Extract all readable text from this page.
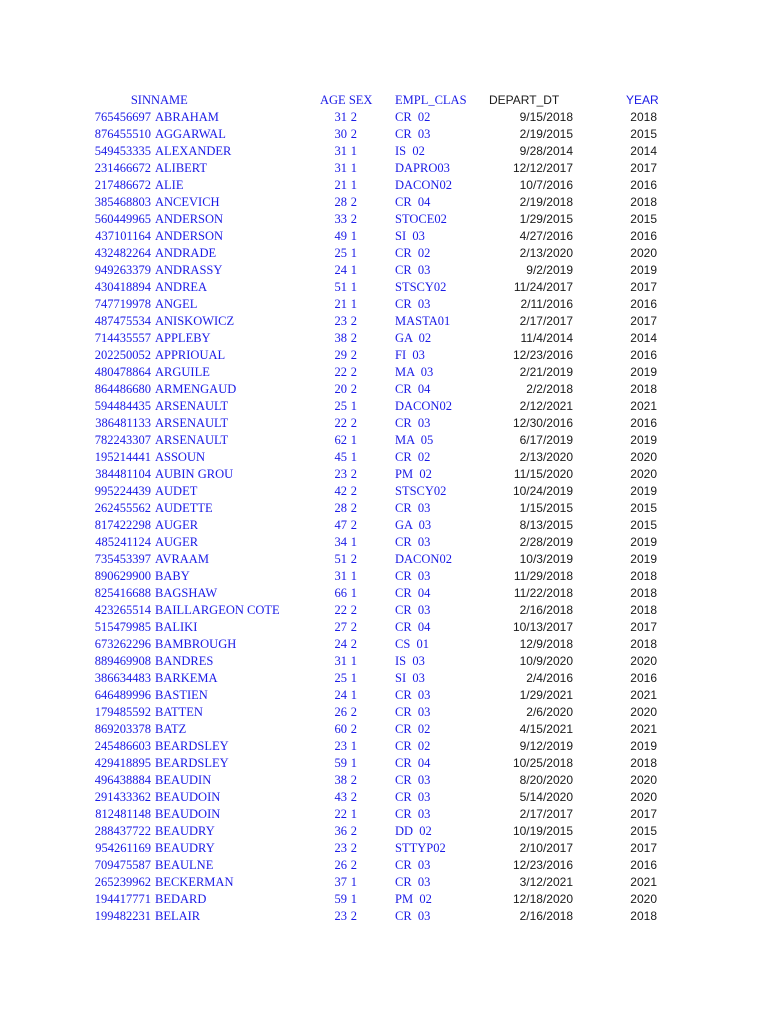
SIN NAME	AGE SEX EMPL_CLAS DEPART_DT	YEAR
765456697 ABRAHAM	31 2	CR  02	9/15/2018	2018
876455510 AGGARWAL	30 2	CR  03	2/19/2015	2015
549453335 ALEXANDER	31 1	IS  02	9/28/2014	2014
231466672 ALIBERT	31 1	DAPRO03	12/12/2017	2017
217486672 ALIE	21 1	DACON02	10/7/2016	2016
385468803 ANCEVICH	28 2	CR  04	2/19/2018	2018
560449965 ANDERSON	33 2	STOCE02	1/29/2015	2015
437101164 ANDERSON	49 1	SI  03	4/27/2016	2016
432482264 ANDRADE	25 1	CR  02	2/13/2020	2020
949263379 ANDRASSY	24 1	CR  03	9/2/2019	2019
430418894 ANDREA	51 1	STSCY02	11/24/2017	2017
747719978 ANGEL	21 1	CR  03	2/11/2016	2016
487475534 ANISKOWICZ	23 2	MASTA01	2/17/2017	2017
714435557 APPLEBY	38 2	GA  02	11/4/2014	2014
202250052 APPRIOUAL	29 2	FI  03	12/23/2016	2016
480478864 ARGUILE	22 2	MA  03	2/21/2019	2019
864486680 ARMENGAUD	20 2	CR  04	2/2/2018	2018
594484435 ARSENAULT	25 1	DACON02	2/12/2021	2021
386481133 ARSENAULT	22 2	CR  03	12/30/2016	2016
782243307 ARSENAULT	62 1	MA  05	6/17/2019	2019
195214441 ASSOUN	45 1	CR  02	2/13/2020	2020
384481104 AUBIN GROU	23 2	PM  02	11/15/2020	2020
995224439 AUDET	42 2	STSCY02	10/24/2019	2019
262455562 AUDETTE	28 2	CR  03	1/15/2015	2015
817422298 AUGER	47 2	GA  03	8/13/2015	2015
485241124 AUGER	34 1	CR  03	2/28/2019	2019
735453397 AVRAAM	51 2	DACON02	10/3/2019	2019
890629900 BABY	31 1	CR  03	11/29/2018	2018
825416688 BAGSHAW	66 1	CR  04	11/22/2018	2018
423265514 BAILLARGEON COTE	22 2	CR  03	2/16/2018	2018
515479985 BALIKI	27 2	CR  04	10/13/2017	2017
673262296 BAMBROUGH	24 2	CS  01	12/9/2018	2018
889469908 BANDRES	31 1	IS  03	10/9/2020	2020
386634483 BARKEMA	25 1	SI  03	2/4/2016	2016
646489996 BASTIEN	24 1	CR  03	1/29/2021	2021
179485592 BATTEN	26 2	CR  03	2/6/2020	2020
869203378 BATZ	60 2	CR  02	4/15/2021	2021
245486603 BEARDSLEY	23 1	CR  02	9/12/2019	2019
429418895 BEARDSLEY	59 1	CR  04	10/25/2018	2018
496438884 BEAUDIN	38 2	CR  03	8/20/2020	2020
291433362 BEAUDOIN	43 2	CR  03	5/14/2020	2020
812481148 BEAUDOIN	22 1	CR  03	2/17/2017	2017
288437722 BEAUDRY	36 2	DD  02	10/19/2015	2015
954261169 BEAUDRY	23 2	STTYP02	2/10/2017	2017
709475587 BEAULNE	26 2	CR  03	12/23/2016	2016
265239962 BECKERMAN	37 1	CR  03	3/12/2021	2021
194417771 BEDARD	59 1	PM  02	12/18/2020	2020
199482231 BELAIR	23 2	CR  03	2/16/2018	2018
